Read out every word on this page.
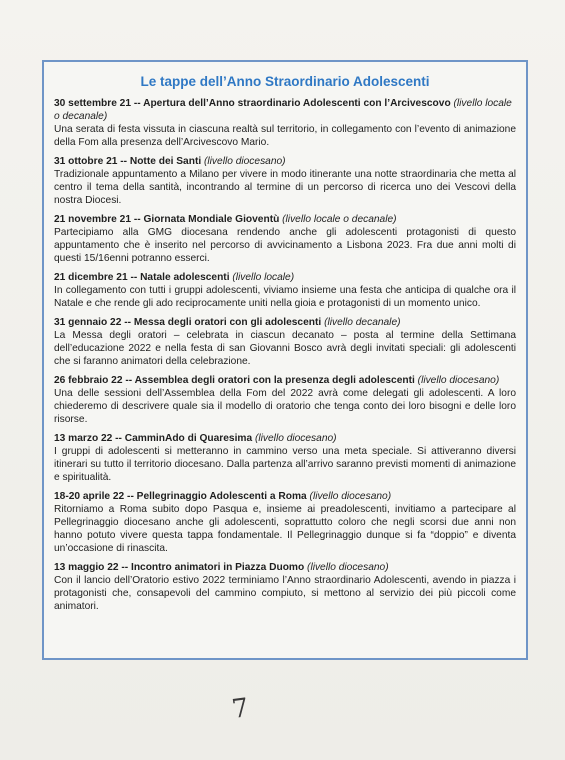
Le tappe dell’Anno Straordinario Adolescenti
30 settembre 21 -- Apertura dell’Anno straordinario Adolescenti con l’Arcivescovo (livello locale o decanale)
Una serata di festa vissuta in ciascuna realtà sul territorio, in collegamento con l’evento di animazione della Fom alla presenza dell’Arcivescovo Mario.
31 ottobre 21 -- Notte dei Santi (livello diocesano)
Tradizionale appuntamento a Milano per vivere in modo itinerante una notte straordinaria che metta al centro il tema della santità, incontrando al termine di un percorso di ricerca uno dei Vescovi della nostra Diocesi.
21 novembre 21 -- Giornata Mondiale Gioventù (livello locale o decanale)
Partecipiamo alla GMG diocesana rendendo anche gli adolescenti protagonisti di questo appuntamento che è inserito nel percorso di avvicinamento a Lisbona 2023. Fra due anni molti di questi 15/16enni potranno esserci.
21 dicembre 21 -- Natale adolescenti (livello locale)
In collegamento con tutti i gruppi adolescenti, viviamo insieme una festa che anticipa di qualche ora il Natale e che rende gli ado reciprocamente uniti nella gioia e protagonisti di un momento unico.
31 gennaio 22 -- Messa degli oratori con gli adolescenti (livello decanale)
La Messa degli oratori – celebrata in ciascun decanato – posta al termine della Settimana dell’educazione 2022 e nella festa di san Giovanni Bosco avrà degli invitati speciali: gli adolescenti che si faranno animatori della celebrazione.
26 febbraio 22 -- Assemblea degli oratori con la presenza degli adolescenti (livello diocesano)
Una delle sessioni dell’Assemblea della Fom del 2022 avrà come delegati gli adolescenti. A loro chiederemo di descrivere quale sia il modello di oratorio che tenga conto dei loro bisogni e delle loro risorse.
13 marzo 22 -- CamminAdo di Quaresima (livello diocesano)
I gruppi di adolescenti si metteranno in cammino verso una meta speciale. Si attiveranno diversi itinerari su tutto il territorio diocesano. Dalla partenza all’arrivo saranno previsti momenti di animazione e spiritualità.
18-20 aprile 22 -- Pellegrinaggio Adolescenti a Roma (livello diocesano)
Ritorniamo a Roma subito dopo Pasqua e, insieme ai preadolescenti, invitiamo a partecipare al Pellegrinaggio diocesano anche gli adolescenti, soprattutto coloro che negli scorsi due anni non hanno potuto vivere questa tappa fondamentale. Il Pellegrinaggio dunque si fa “doppio” e diventa un’occasione di rinascita.
13 maggio 22 -- Incontro animatori in Piazza Duomo (livello diocesano)
Con il lancio dell’Oratorio estivo 2022 terminiamo l’Anno straordinario Adolescenti, avendo in piazza i protagonisti che, consapevoli del cammino compiuto, si mettono al servizio dei più piccoli come animatori.
7
